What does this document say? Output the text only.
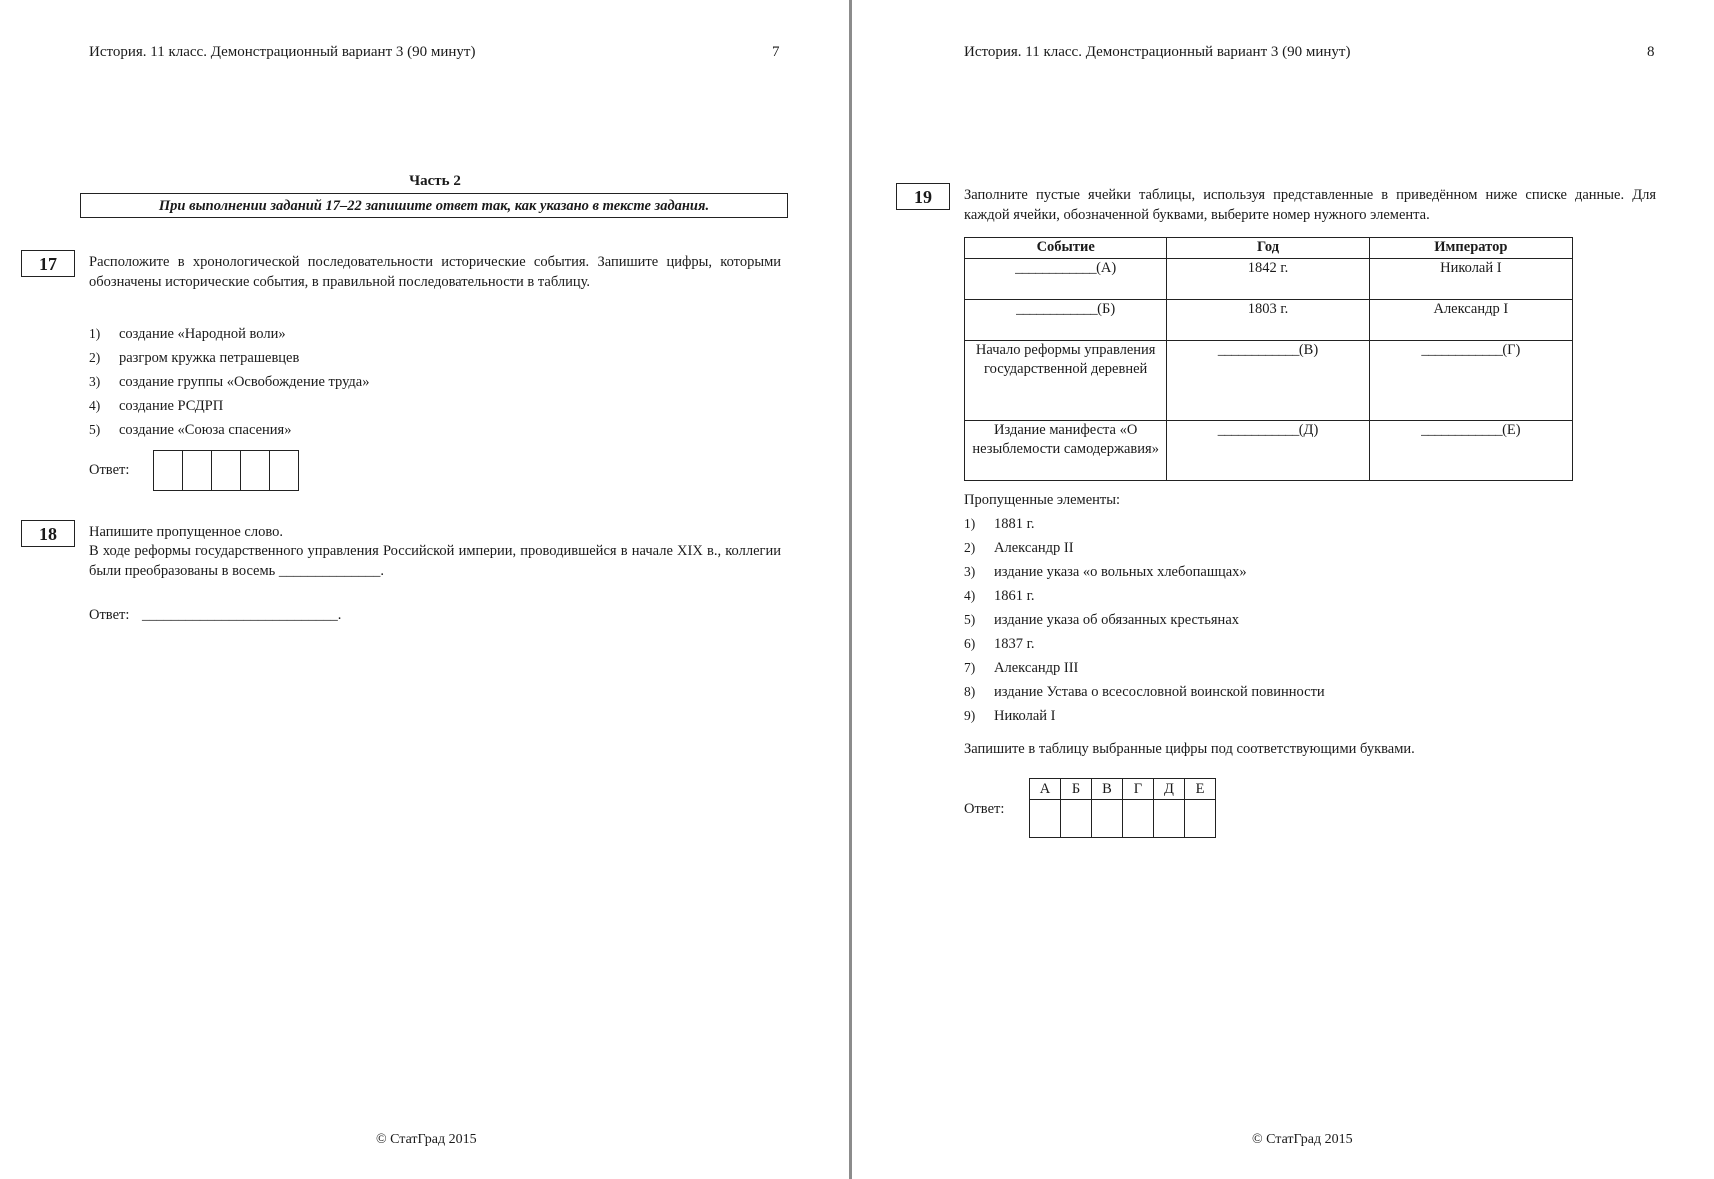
История. 11 класс. Демонстрационный вариант 3 (90 минут)	7
Часть 2
При выполнении заданий 17–22 запишите ответ так, как указано в тексте задания.
17	Расположите в хронологической последовательности исторические события. Запишите цифры, которыми обозначены исторические события, в правильной последовательности в таблицу.
1) создание «Народной воли»
2) разгром кружка петрашевцев
3) создание группы «Освобождение труда»
4) создание РСДРП
5) создание «Союза спасения»
Ответ:

18	Напишите пропущенное слово.
В ходе реформы государственного управления Российской империи, проводившейся в начале XIX в., коллегии были преобразованы в восемь ______________.
Ответ: ___________________________.
© СтатГрад 2015
История. 11 класс. Демонстрационный вариант 3 (90 минут)	8
19	Заполните пустые ячейки таблицы, используя представленные в приведённом ниже списке данные. Для каждой ячейки, обозначенной буквами, выберите номер нужного элемента.
Событие	Год	Император
____________(А)	1842 г.	Николай I
____________(Б)	1803 г.	Александр I
Начало реформы управления государственной деревней	____________(В)	____________(Г)
Издание манифеста «О незыблемости самодержавия»	____________(Д)	____________(Е)
Пропущенные элементы:
1) 1881 г.
2) Александр II
3) издание указа «о вольных хлебопашцах»
4) 1861 г.
5) издание указа об обязанных крестьянах
6) 1837 г.
7) Александр III
8) издание Устава о всесословной воинской повинности
9) Николай I
Запишите в таблицу выбранные цифры под соответствующими буквами.
Ответ:
А	Б	В	Г	Д	Е

© СтатГрад 2015
